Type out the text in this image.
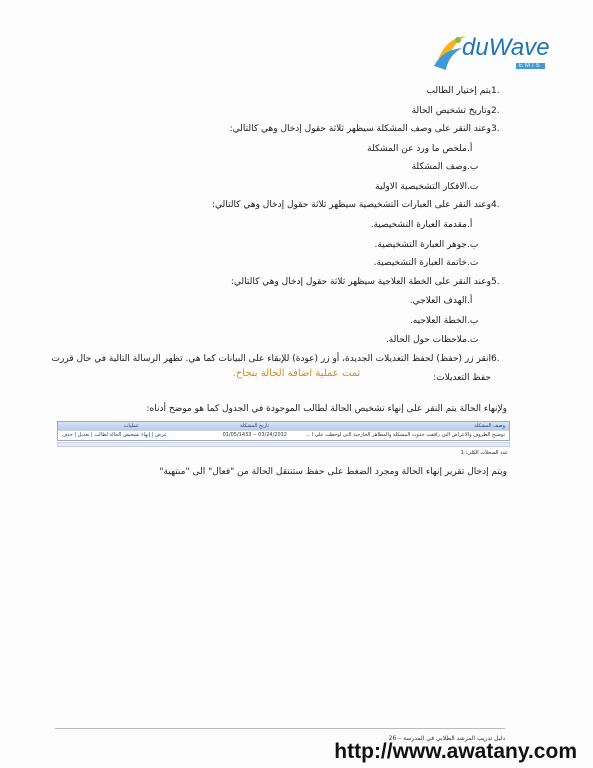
duWave
EMIS
.1يتم إختيار الطالب
.2وتاريخ تشخيص الحالة
.3وعند النقر على وصف المشكلة سيظهر ثلاثة حقول إدخال وهي كالتالي:
أ.ملخص ما ورد عن المشكلة
ب.وصف المشكلة
ت.الافكار التشخيصية الاولية
.4وعند النقر على العبارات التشخيصية سيظهر ثلاثة حقول إدخال وهي كالتالي:
أ.مقدمة العبارة التشخيصية.
ب.جوهر العبارة التشخيصية.
ت.خاتمة العبارة التشخيصية.
.5وعند النقر على الخطة العلاجية سيظهر ثلاثة حقول إدخال وهي كالتالي:
أ.الهدف العلاجي.
ب.الخطة العلاجيه.
ت.ملاحظات حول الحالة.
.6انقر زر (حفظ) لحفظ التعديلات الجديدة، أو زر (عودة) للإبقاء على البيانات كما هي. تظهر الرسالة التالية في حال قررت
حفظ التعديلات:
تمت عملية اضافة الحالة بنجاح.
ولإنهاء الحالة يتم النقر على إنهاء تشخيص الحالة لطالب الموجودة في الجدول كما هو موضح أدناه:
وصف المشكلة
تاريخ المشكلة
عمليات
توضيح الظروف والاعراض التي رافقت حدوث المشكلة والمظاهر الخارجية التي لوحظت على ا ...
01/05/1433 -- 03/24/2012
عرض | إنهاء تشخيص الحالة لطالب | تعديل | حذف
عدد السجلات الكلي: 1
ويتم إدخال تقرير إنهاء الحالة ومجرد الضغط على حفظ ستنتقل الحالة من "فعال" الى "منتهية"
دليل تدريب المرشد الطلابي في المدرسة – 26
http://www.awatany.com
